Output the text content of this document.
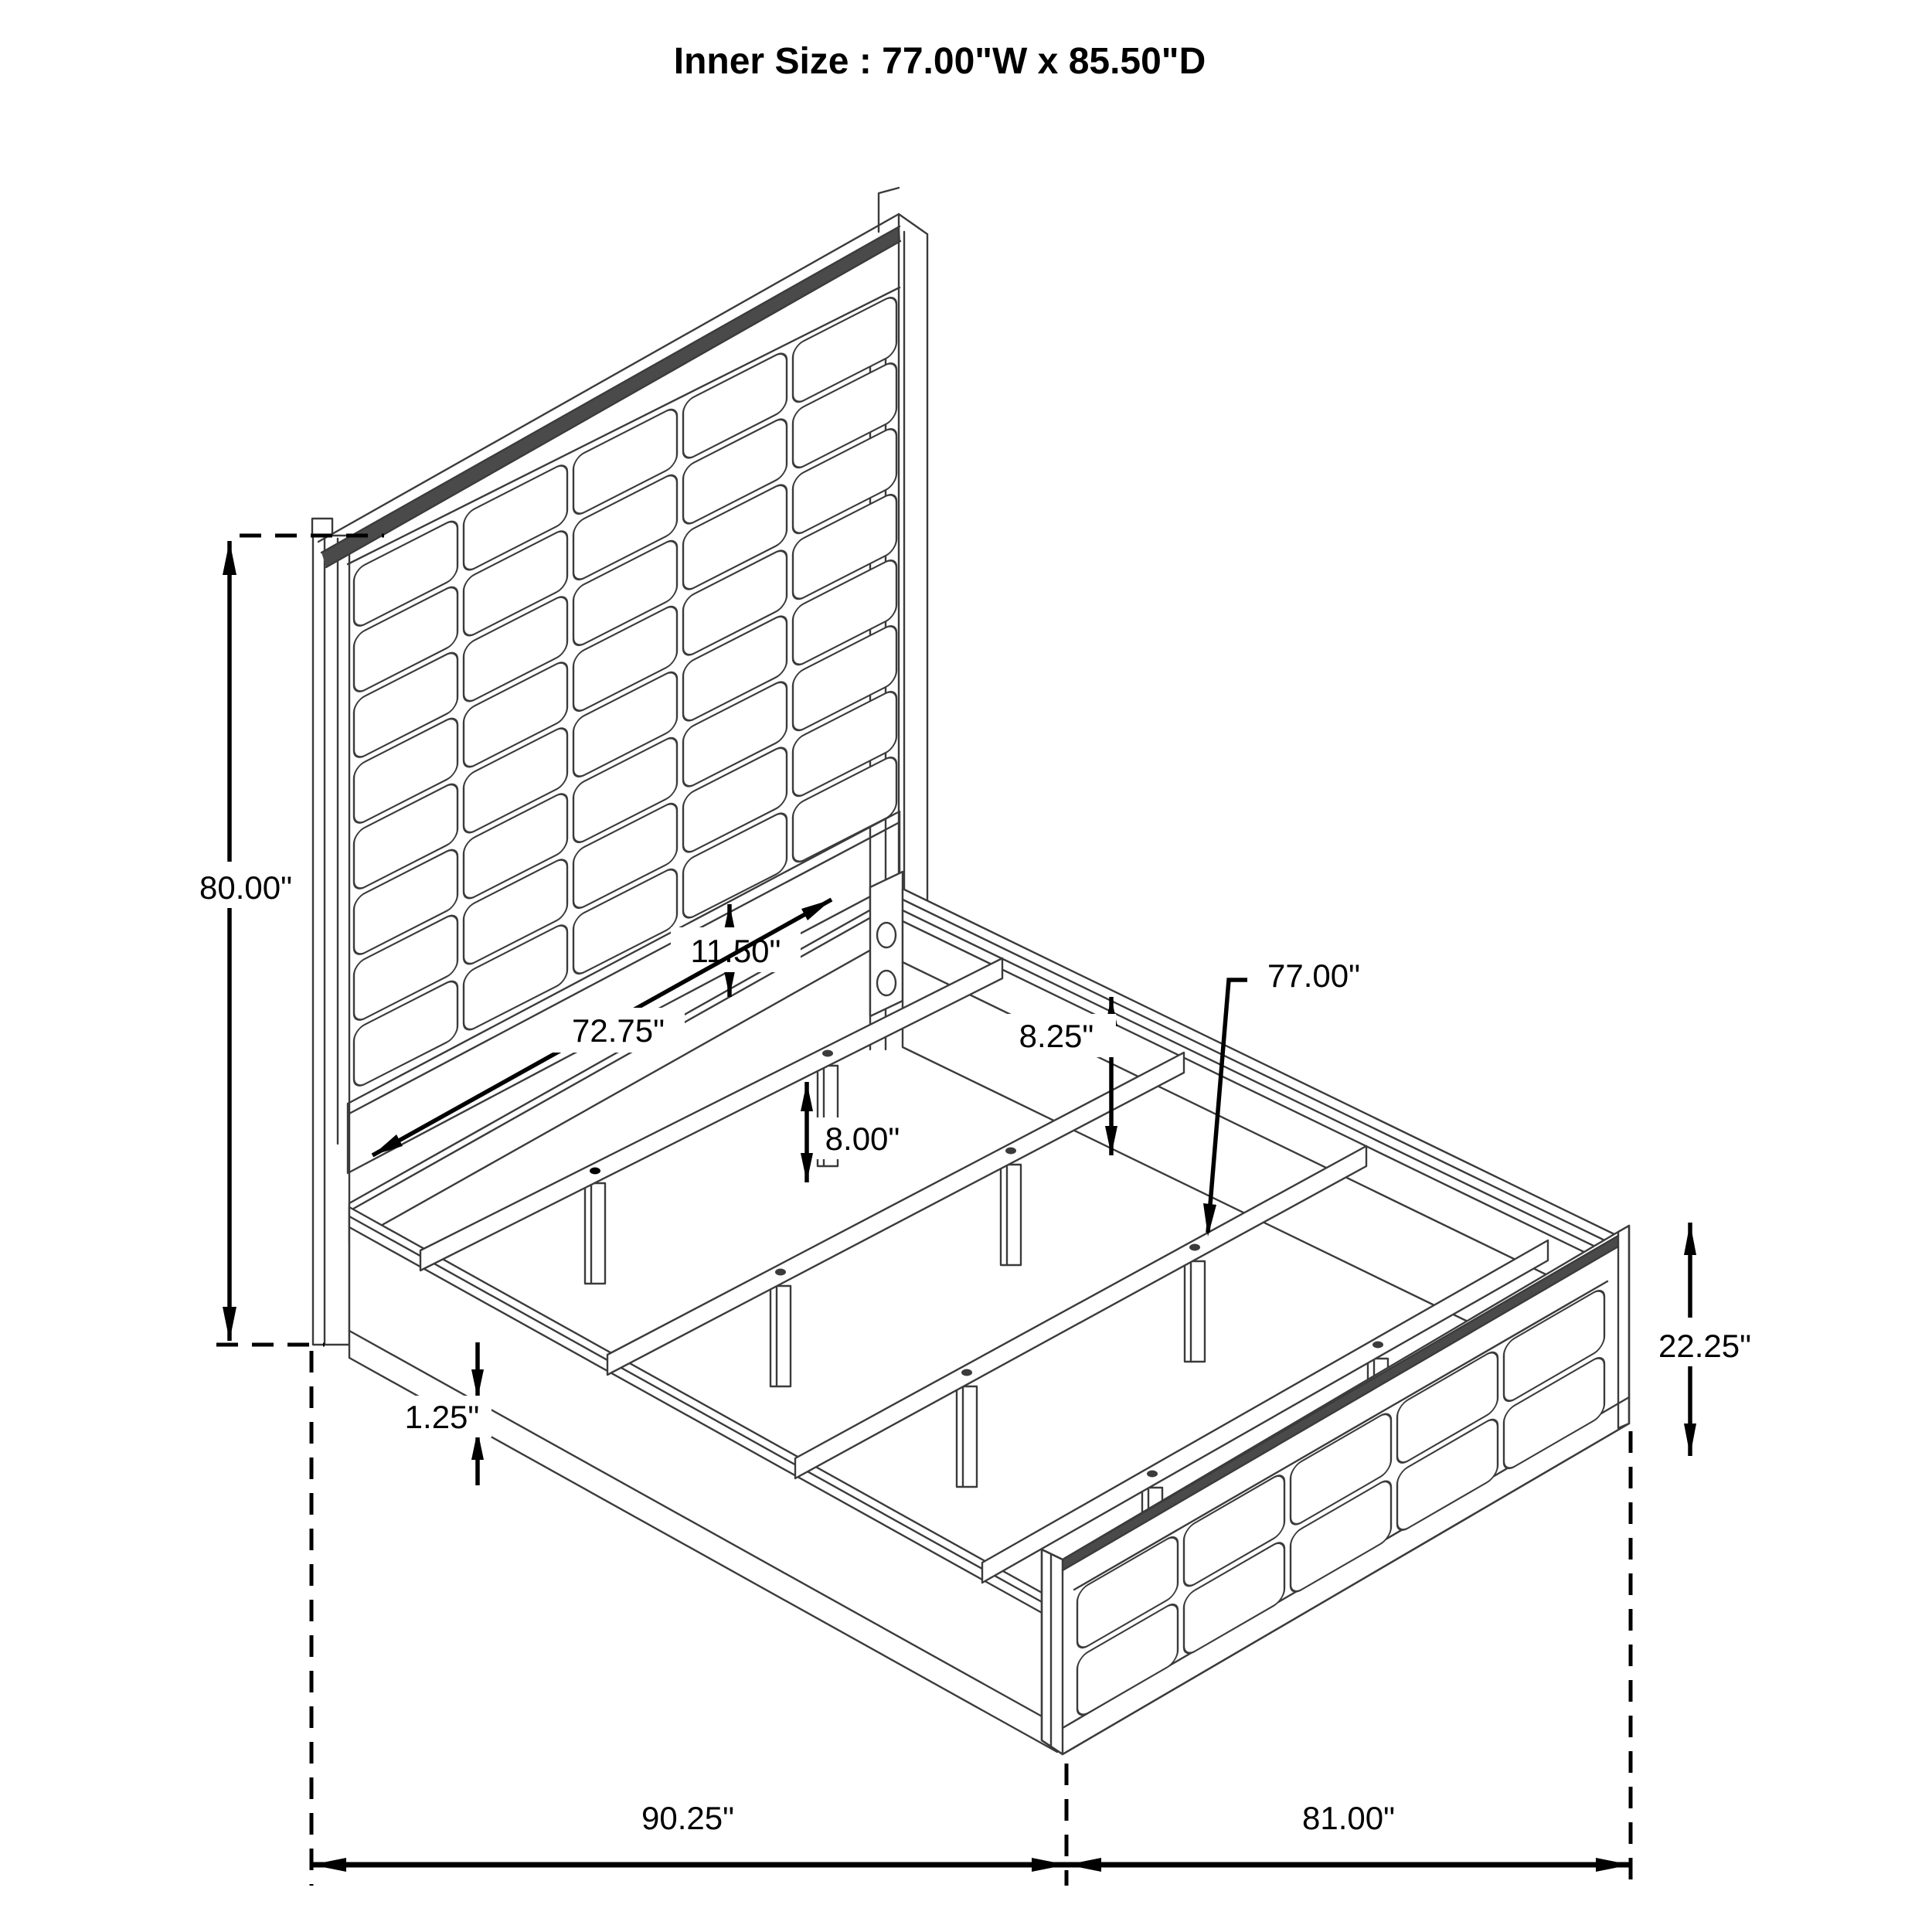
80.00"
11.50"
72.75"	8.25"
8.00"
77.00"
1.25"
22.25"
90.25"	81.00"
Inner Size : 77.00"W x 85.50"D
